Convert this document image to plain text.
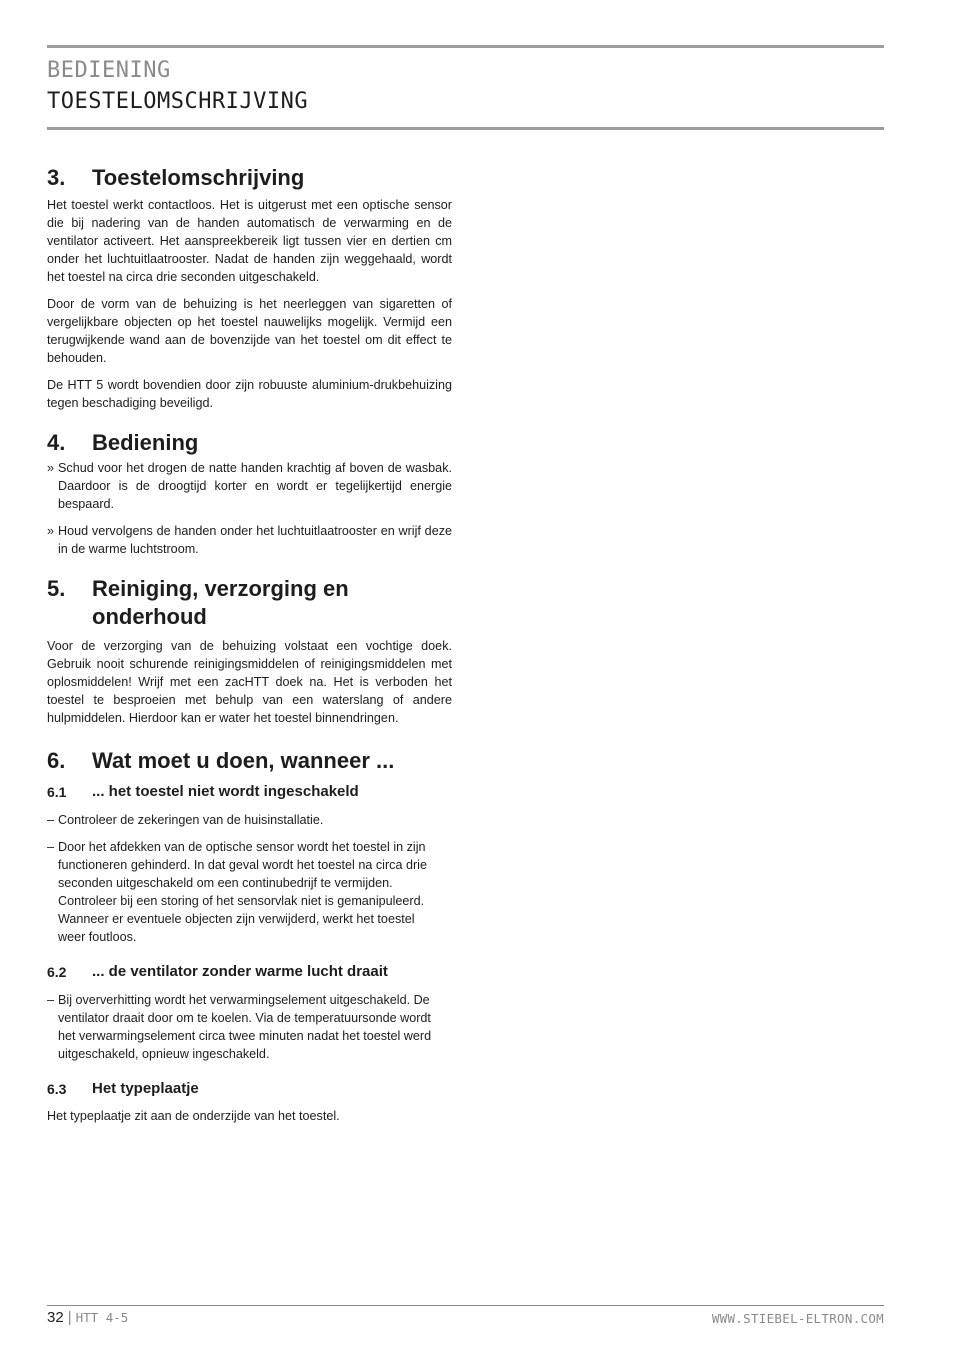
BEDIENING
TOESTELOMSCHRIJVING
3.	Toestelomschrijving

Het toestel werkt contactloos. Het is uitgerust met een optische sensor die bij nadering van de handen automatisch de verwarming en de ventilator activeert. Het aanspreekbereik ligt tussen vier en dertien cm onder het luchtuitlaatrooster. Nadat de handen zijn weggehaald, wordt het toestel na circa drie seconden uitgeschakeld.

Door de vorm van de behuizing is het neerleggen van sigaretten of vergelijkbare objecten op het toestel nauwelijks mogelijk. Vermijd een terugwijkende wand aan de bovenzijde van het toestel om dit effect te behouden.

De HTT 5 wordt bovendien door zijn robuuste aluminium-drukbehuizing tegen beschadiging beveiligd.

4.	Bediening
» Schud voor het drogen de natte handen krachtig af boven de wasbak. Daardoor is de droogtijd korter en wordt er tegelijkertijd energie bespaard.
» Houd vervolgens de handen onder het luchtuitlaatrooster en wrijf deze in de warme luchtstroom.
5.	Reiniging, verzorging en onderhoud

Voor de verzorging van de behuizing volstaat een vochtige doek. Gebruik nooit schurende reinigingsmiddelen of reinigingsmiddelen met oplosmiddelen! Wrijf met een zacHTT doek na. Het is verboden het toestel te besproeien met behulp van een waterslang of andere hulpmiddelen. Hierdoor kan er water het toestel binnendringen.

6.	Wat moet u doen, wanneer ...
6.1	... het toestel niet wordt ingeschakeld
– Controleer de zekeringen van de huisinstallatie.
– Door het afdekken van de optische sensor wordt het toestel in zijn functioneren gehinderd. In dat geval wordt het toestel na circa drie seconden uitgeschakeld om een continubedrijf te vermijden. Controleer bij een storing of het sensorvlak niet is gemanipuleerd. Wanneer er eventuele objecten zijn verwijderd, werkt het toestel weer foutloos.
6.2	... de ventilator zonder warme lucht draait
– Bij oververhitting wordt het verwarmingselement uitgeschakeld. De ventilator draait door om te koelen. Via de temperatuursonde wordt het verwarmingselement circa twee minuten nadat het toestel werd uitgeschakeld, opnieuw ingeschakeld.
6.3	Het typeplaatje

Het typeplaatje zit aan de onderzijde van het toestel.

32 | HTT 4-5	WWW.STIEBEL-ELTRON.COM
